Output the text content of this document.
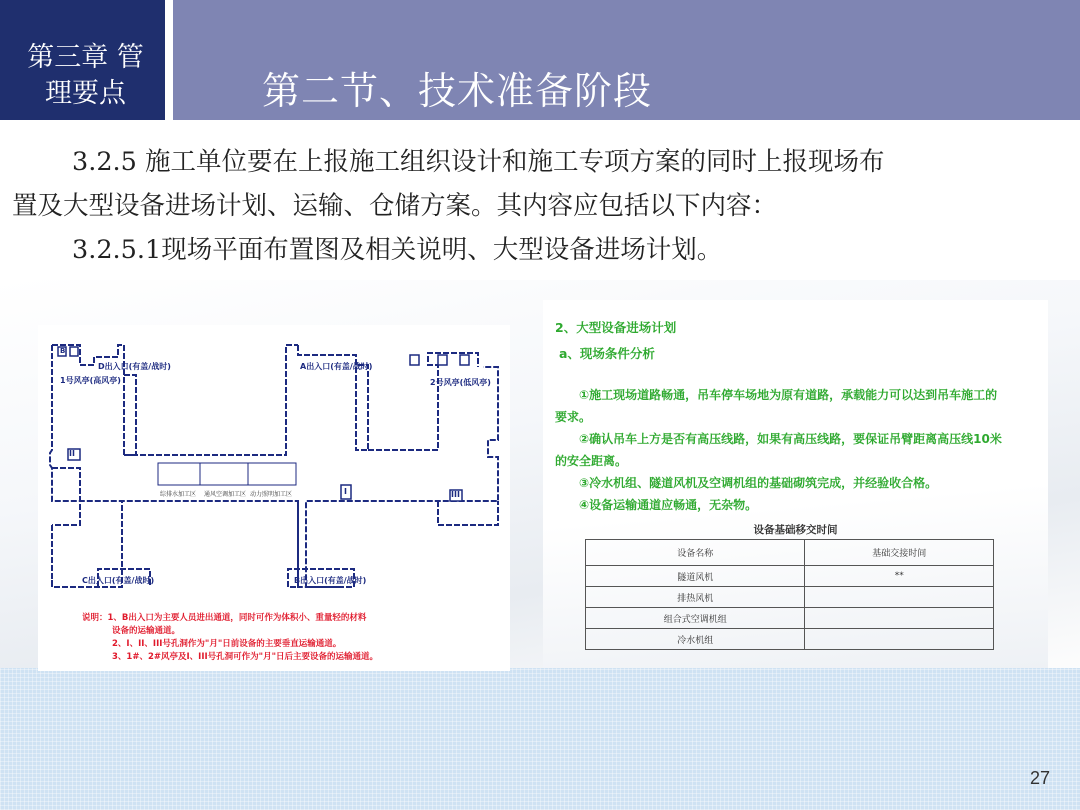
第三章 管
理要点	第二节、技术准备阶段

3.2.5 施工单位要在上报施工组织设计和施工专项方案的同时上报现场布

置及大型设备进场计划、运输、仓储方案。其内容应包括以下内容：

3.2.5.1现场平面布置图及相关说明、大型设备进场计划。

D出入口(有盖/战时)
1号风亭(高风亭)
A出入口(有盖/战时)
2号风亭(低风亭)
综排水加工区 通风空调加工区 动力照明加工区
II
I	III
B
C出入口(有盖/战时)	B出入口(有盖/战时)
说明：1、B出入口为主要人员进出通道，同时可作为体积小、重量轻的材料
设备的运输通道。
2、I、II、III号孔洞作为"月"日前设备的主要垂直运输通道。
3、1#、2#风亭及I、III号孔洞可作为"月"日后主要设备的运输通道。
2、大型设备进场计划
a、现场条件分析

①施工现场道路畅通，吊车停车场地为原有道路，承载能力可以达到吊车施工的

要求。

②确认吊车上方是否有高压线路，如果有高压线路，要保证吊臂距离高压线10米

的安全距离。

③冷水机组、隧道风机及空调机组的基础砌筑完成，并经验收合格。

④设备运输通道应畅通，无杂物。

设备基础移交时间
设备名称	基础交接时间
隧道风机	**
排热风机	
组合式空调机组	
冷水机组	
27
